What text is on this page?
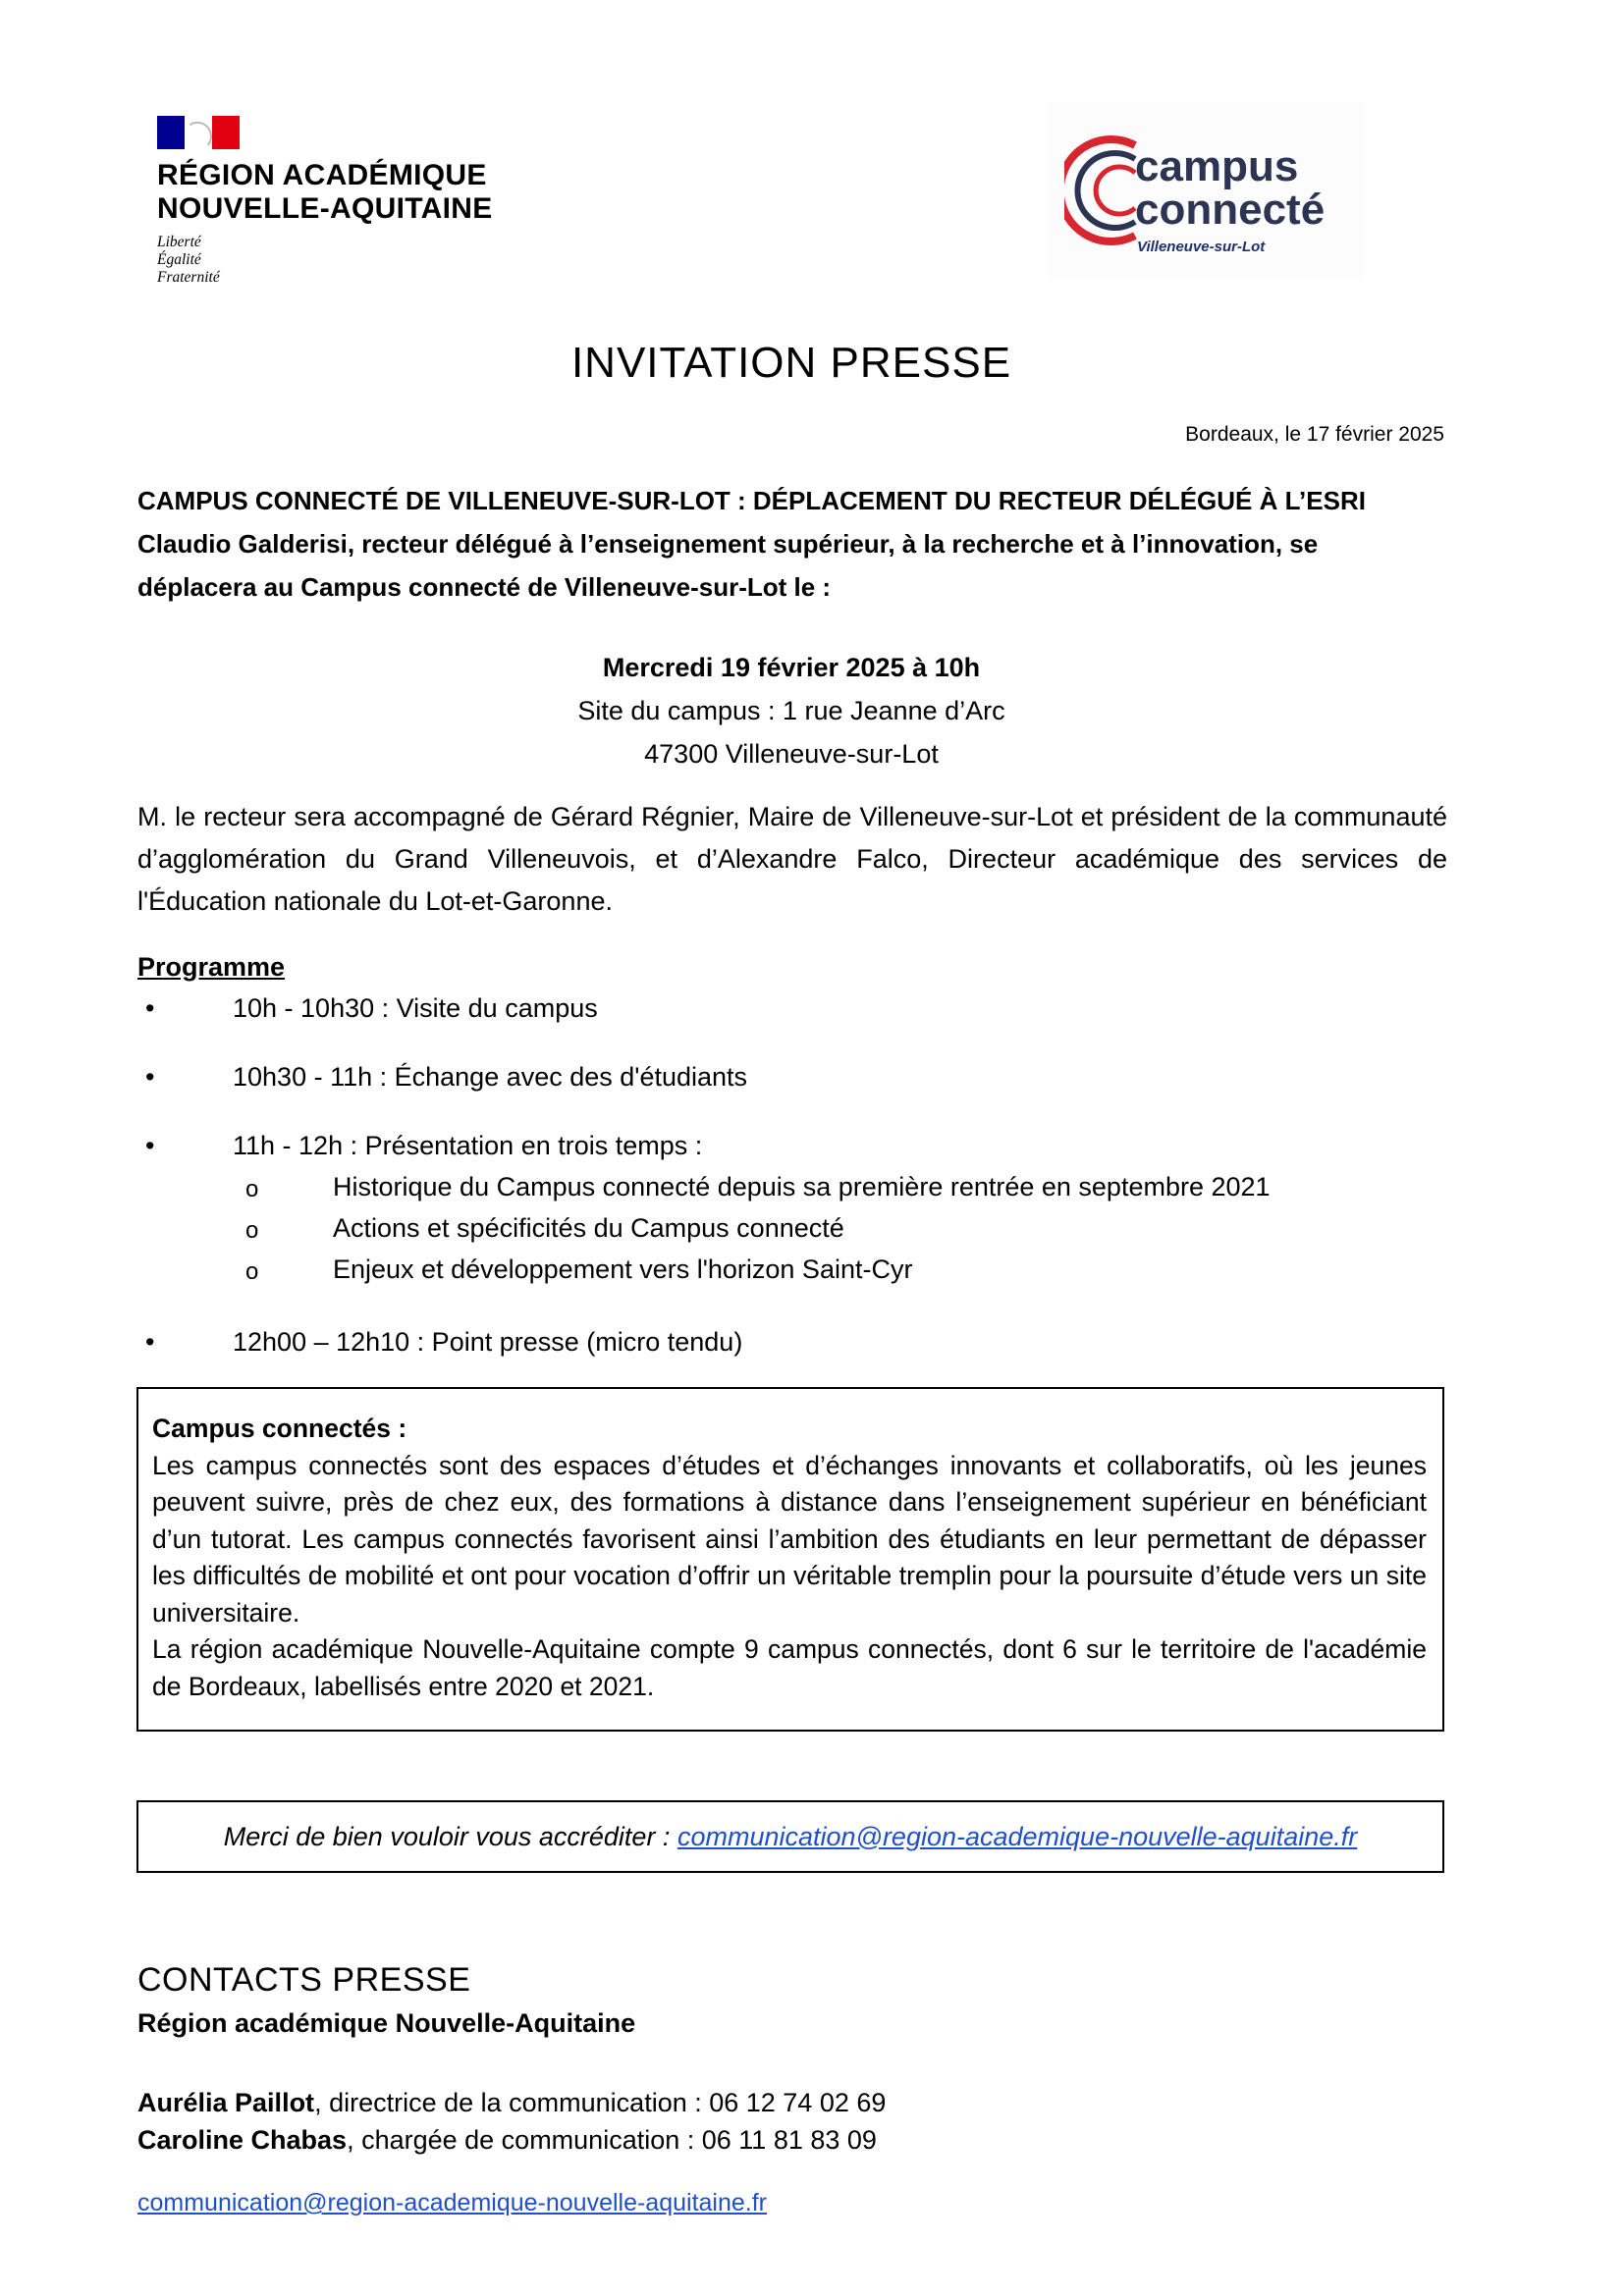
RÉGION ACADÉMIQUE
NOUVELLE-AQUITAINE
Liberté
Égalité
Fraternité
campus
connecté
Villeneuve-sur-Lot
INVITATION PRESSE
Bordeaux, le 17 février 2025
CAMPUS CONNECTÉ DE VILLENEUVE-SUR-LOT : DÉPLACEMENT DU RECTEUR DÉLÉGUÉ À L’ESRI
Claudio Galderisi, recteur délégué à l’enseignement supérieur, à la recherche et à l’innovation, se
déplacera au Campus connecté de Villeneuve-sur-Lot le :
Mercredi 19 février 2025 à 10h
Site du campus : 1 rue Jeanne d’Arc
47300 Villeneuve-sur-Lot
M. le recteur sera accompagné de Gérard Régnier, Maire de Villeneuve-sur-Lot et président de la communauté d’agglomération du Grand Villeneuvois, et d’Alexandre Falco, Directeur académique des services de l'Éducation nationale du Lot-et-Garonne.
Programme
•	10h - 10h30 : Visite du campus
•	10h30 - 11h : Échange avec des d'étudiants
•	11h - 12h : Présentation en trois temps :
o	Historique du Campus connecté depuis sa première rentrée en septembre 2021
o	Actions et spécificités du Campus connecté
o	Enjeux et développement vers l'horizon Saint-Cyr
•	12h00 – 12h10 : Point presse (micro tendu)
Campus connectés :
Les campus connectés sont des espaces d’études et d’échanges innovants et collaboratifs, où les jeunes peuvent suivre, près de chez eux, des formations à distance dans l’enseignement supérieur en bénéficiant d’un tutorat. Les campus connectés favorisent ainsi l’ambition des étudiants en leur permettant de dépasser les difficultés de mobilité et ont pour vocation d’offrir un véritable tremplin pour la poursuite d’étude vers un site universitaire.
La région académique Nouvelle-Aquitaine compte 9 campus connectés, dont 6 sur le territoire de l'académie de Bordeaux, labellisés entre 2020 et 2021.
Merci de bien vouloir vous accréditer : communication@region-academique-nouvelle-aquitaine.fr
CONTACTS PRESSE
Région académique Nouvelle-Aquitaine
Aurélia Paillot, directrice de la communication : 06 12 74 02 69
Caroline Chabas, chargée de communication : 06 11 81 83 09
communication@region-academique-nouvelle-aquitaine.fr
